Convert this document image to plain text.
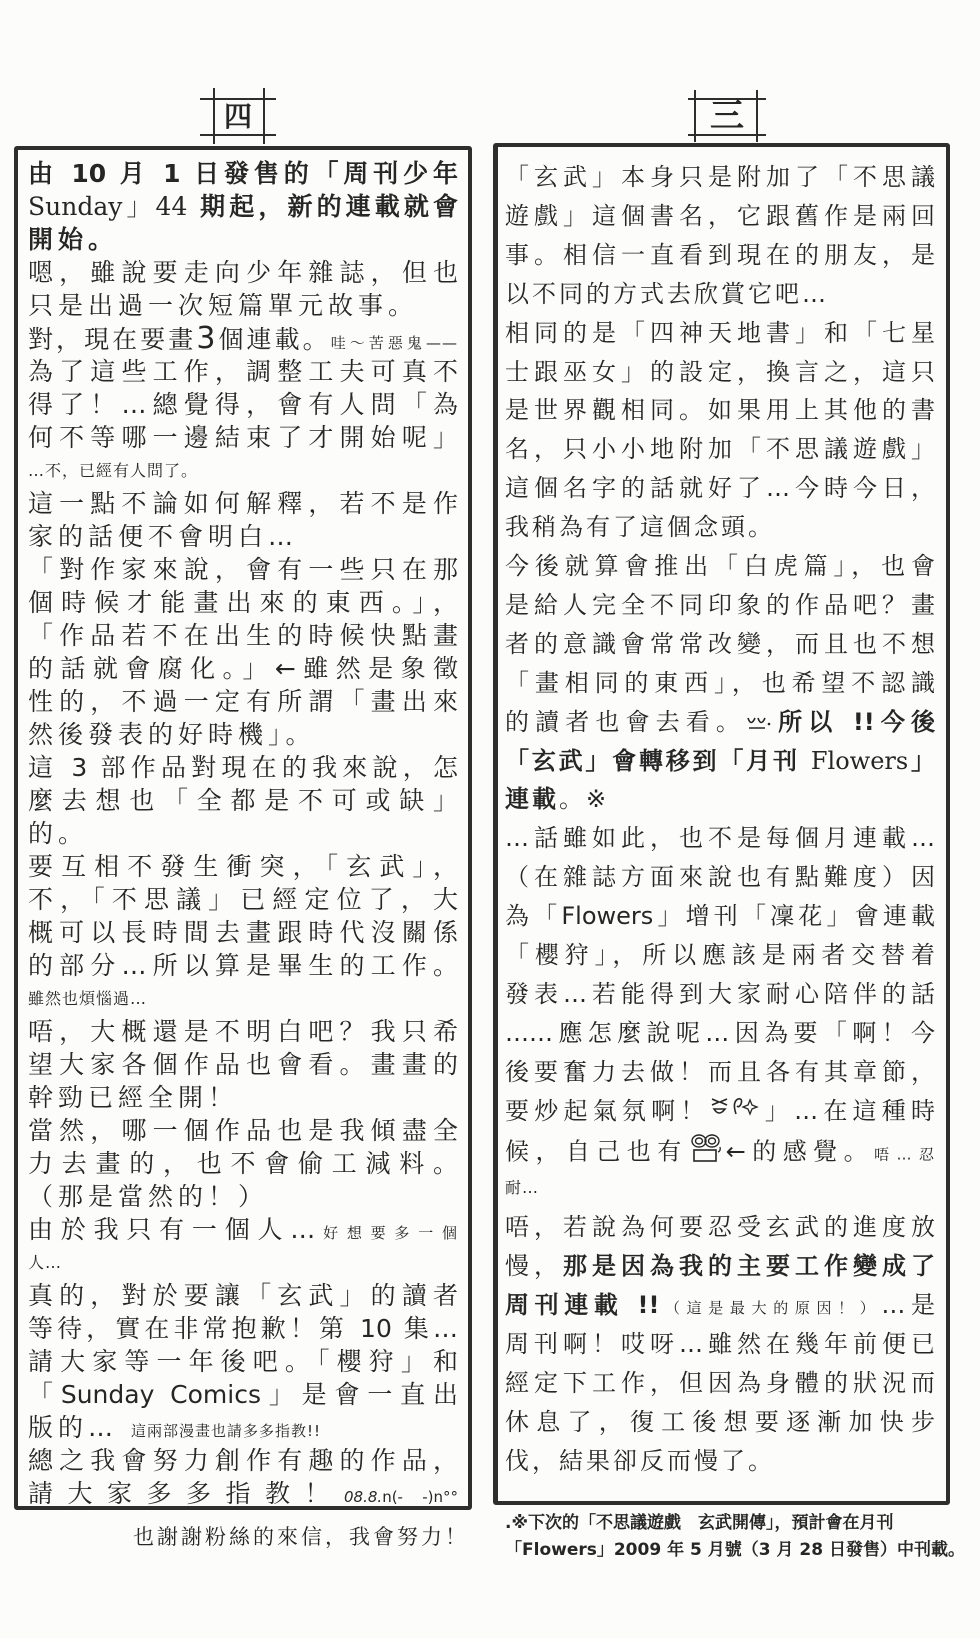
四	三
由 10 月 1 日發售的「周刊少年
Sunday」44 期起，新的連載就會
開始。
嗯，雖說要走向少年雜誌，但也
只是出過一次短篇單元故事。
對，現在要畫3個連載。哇〜苦惡鬼——
為了這些工作，調整工夫可真不
得了！…總覺得，會有人問「為
何不等哪一邊結束了才開始呢」
…不，已經有人問了。
這一點不論如何解釋，若不是作
家的話便不會明白…
「對作家來說，會有一些只在那
個時候才能畫出來的東西。」，
「作品若不在出生的時候快點畫
的話就會腐化。」←雖然是象徵
性的，不過一定有所謂「畫出來
然後發表的好時機」。
這 3 部作品對現在的我來說，怎
麼去想也「全都是不可或缺」
的。
要互相不發生衝突，「玄武」，
不，「不思議」已經定位了，大
概可以長時間去畫跟時代沒關係
的部分…所以算是畢生的工作。
雖然也煩惱過…
唔，大概還是不明白吧？我只希
望大家各個作品也會看。畫畫的
幹勁已經全開！
當然，哪一個作品也是我傾盡全
力去畫的，也不會偷工減料。
（那是當然的！）
由於我只有一個人…好想要多一個
人…
真的，對於要讓「玄武」的讀者
等待，實在非常抱歉！第 10 集…
請大家等一年後吧。「櫻狩」和
「Sunday Comics」是會一直出
版的… 這兩部漫畫也請多多指教!!
總之我會努力創作有趣的作品，
請大家多多指教！08.8.n(- -)n°°
也謝謝粉絲的來信，我會努力！
「玄武」本身只是附加了「不思議
遊戲」這個書名，它跟舊作是兩回
事。相信一直看到現在的朋友，是
以不同的方式去欣賞它吧…
相同的是「四神天地書」和「七星
士跟巫女」的設定，換言之，這只
是世界觀相同。如果用上其他的書
名，只小小地附加「不思議遊戲」
這個名字的話就好了…今時今日，
我稍為有了這個念頭。
今後就算會推出「白虎篇」，也會
是給人完全不同印象的作品吧？畫
者的意識會常常改變，而且也不想
「畫相同的東西」，也希望不認識
的讀者也會去看。 所以 !!今後
「玄武」會轉移到「月刊 Flowers」
連載。※
…話雖如此，也不是每個月連載…
（在雜誌方面來說也有點難度）因
為「Flowers」增刊「凜花」會連載
「櫻狩」，所以應該是兩者交替着
發表…若能得到大家耐心陪伴的話
……應怎麼說呢…因為要「啊！今
後要奮力去做！而且各有其章節，
要炒起氣氛啊！ 」…在這種時
候，自己也有 ←的感覺。唔…忍
耐…
唔，若說為何要忍受玄武的進度放
慢，那是因為我的主要工作變成了
周刊連載 !!（這是最大的原因！）…是
周刊啊！哎呀…雖然在幾年前便已
經定下工作，但因為身體的狀況而
休息了，復工後想要逐漸加快步
伐，結果卻反而慢了。
.※下次的「不思議遊戲　玄武開傳」，預計會在月刊
「Flowers」2009 年 5 月號（3 月 28 日發售）中刊載。
